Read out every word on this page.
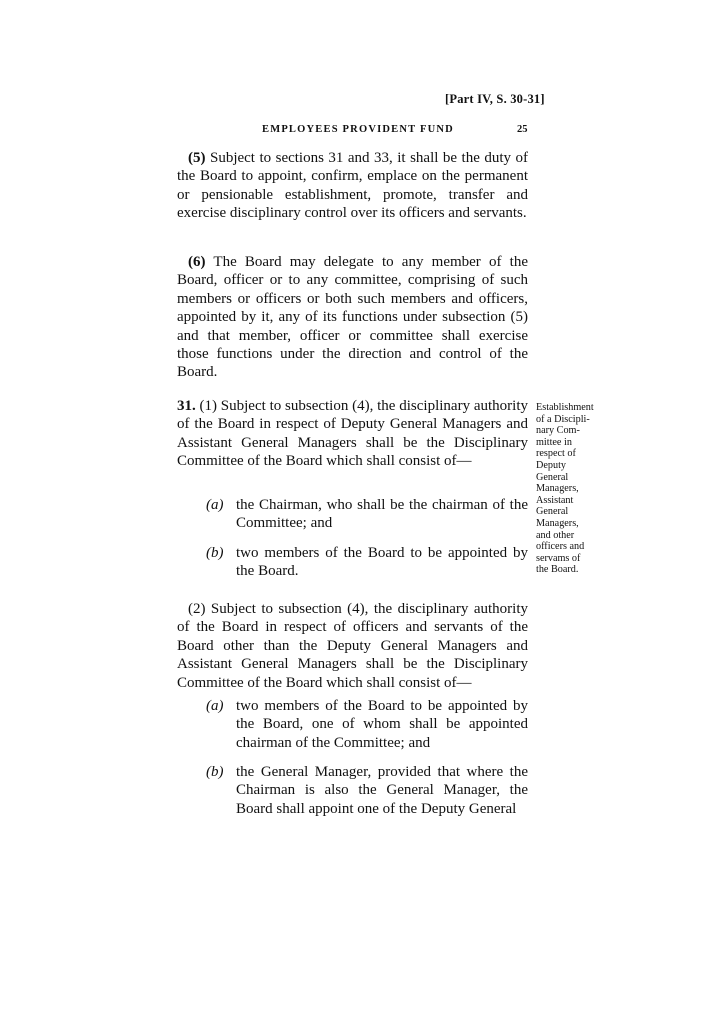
[Part IV, S. 30-31]
EMPLOYEES PROVIDENT FUND	25

(5) Subject to sections 31 and 33, it shall be the duty of the Board to appoint, confirm, emplace on the permanent or pensionable establishment, promote, transfer and exercise disciplinary control over its officers and servants.

(6) The Board may delegate to any member of the Board, officer or to any committee, comprising of such members or officers or both such members and officers, appointed by it, any of its functions under subsection (5) and that member, officer or committee shall exercise those functions under the direction and control of the Board.

31. (1) Subject to subsection (4), the disciplinary authority of the Board in respect of Deputy General Managers and Assistant General Managers shall be the Disciplinary Committee of the Board which shall consist of—

(a) the Chairman, who shall be the chairman of the Committee; and

(b) two members of the Board to be appointed by the Board.

(2) Subject to subsection (4), the disciplinary authority of the Board in respect of officers and servants of the Board other than the Deputy General Managers and Assistant General Managers shall be the Disciplinary Committee of the Board which shall consist of—

(a) two members of the Board to be appointed by the Board, one of whom shall be appointed chairman of the Committee; and

(b) the General Manager, provided that where the Chairman is also the General Manager, the Board shall appoint one of the Deputy General

Establishment
of a Discipli-
nary Com-
mittee in
respect of
Deputy
General
Managers,
Assistant
General
Managers,
and other
officers and
servams of
the Board.
